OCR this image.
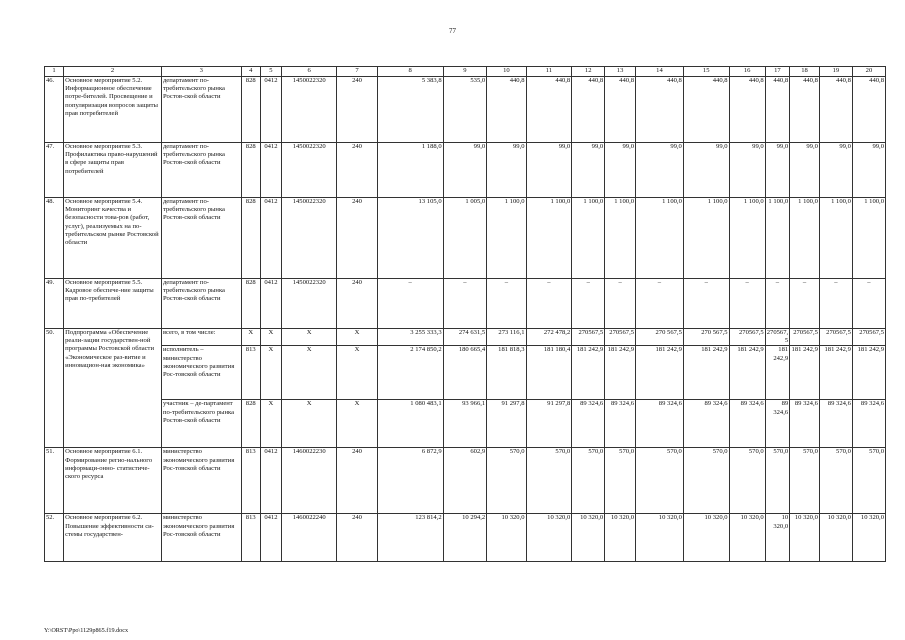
77
1	2	3	4	5	6	7	8	9	10	11	12	13	14	15	16	17	18	19	20
46.	Основное мероприятие 5.2. Информационное обеспечение потре-бителей. Просвещение и популяризация вопросов защиты прав потребителей	департамент по-требительского рынка Ростов-ской области	828	0412	1450022320	240	5 383,8	535,0	440,8	440,8	440,8	440,8	440,8	440,8	440,8	440,8	440,8	440,8	440,8
47.	Основное мероприятие 5.3. Профилактика право-нарушений в сфере защиты прав потребителей	департамент по-требительского рынка Ростов-ской области	828	0412	1450022320	240	1 188,0	99,0	99,0	99,0	99,0	99,0	99,0	99,0	99,0	99,0	99,0	99,0	99,0
48.	Основное мероприятие 5.4. Мониторинг качества и безопасности това-ров (работ, услуг), реализуемых на по-требительском рынке Ростовской области	департамент по-требительского рынка Ростов-ской области	828	0412	1450022320	240	13 105,0	1 005,0	1 100,0	1 100,0	1 100,0	1 100,0	1 100,0	1 100,0	1 100,0	1 100,0	1 100,0	1 100,0	1 100,0
49.	Основное мероприятие 5.5. Кадровое обеспече-ние защиты прав по-требителей	департамент по-требительского рынка Ростов-ской области	828	0412	1450022320	240	–	–	–	–	–	–	–	–	–	–	–	–	–
50.	Подпрограмма «Обеспечение реали-зации государствен-ной программы Ростовской области «Экономическое раз-витие и инновацион-ная экономика»	всего, в том числе:	Х	Х	Х	Х	3 255 333,3	274 631,5	273 116,1	272 478,2	270567,5	270567,5	270 567,5	270 567,5	270567,5	270567,5	270567,5	270567,5	270567,5
		исполнитель – министерство экономического развития Рос-товской области	813	Х	Х	Х	2 174 850,2	180 665,4	181 818,3	181 180,4	181 242,9	181 242,9	181 242,9	181 242,9	181 242,9	181 242,9	181 242,9	181 242,9	181 242,9
		участник – де-партамент по-требительского рынка Ростов-ской области	828	Х	Х	Х	1 080 483,1	93 966,1	91 297,8	91 297,8	89 324,6	89 324,6	89 324,6	89 324,6	89 324,6	89 324,6	89 324,6	89 324,6	89 324,6
51.	Основное мероприятие 6.1. Формирование регио-нального информаци-онно- статистиче-ского ресурса	министерство экономического развития Рос-товской области	813	0412	1460022230	240	6 872,9	602,9	570,0	570,0	570,0	570,0	570,0	570,0	570,0	570,0	570,0	570,0	570,0
52.	Основное мероприятие 6.2. Повышение эффективности си-стемы государствен-	министерство экономического развития Рос-товской области	813	0412	1460022240	240	123 814,2	10 294,2	10 320,0	10 320,0	10 320,0	10 320,0	10 320,0	10 320,0	10 320,0	10 320,0	10 320,0	10 320,0	10 320,0
Y:\ORST\Ppo\1129p865.f19.docx
